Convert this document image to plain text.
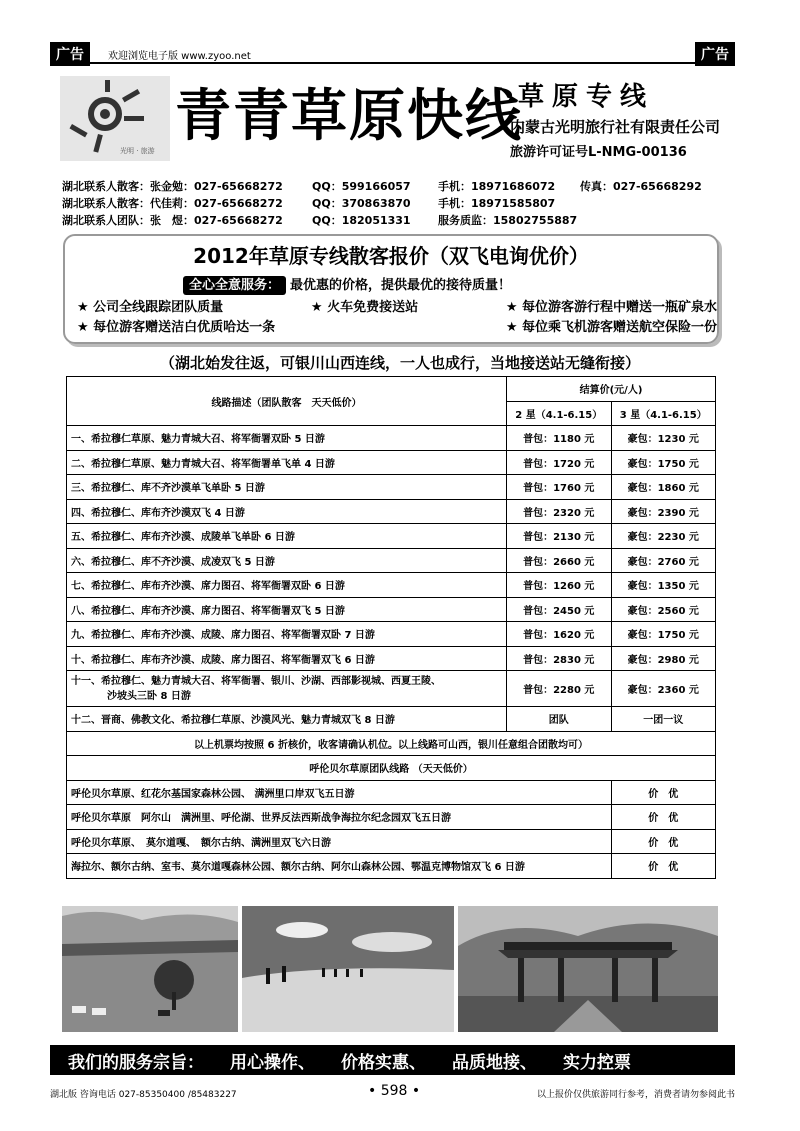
广告	欢迎浏览电子版 www.zyoo.net	广告
光明 · 旅游
青青草原快线
草原专线
内蒙古光明旅行社有限责任公司
旅游许可证号L-NMG-00136
湖北联系人散客：张金勉：027-65668272	QQ：599166057 手机：18971686072 传真：027-65668292
湖北联系人散客：代佳莉：027-65668272	QQ：370863870 手机：18971585807
湖北联系人团队：张　煜：027-65668272	QQ：182051331 服务质监：15802755887
2012年草原专线散客报价（双飞电询优价）
全心全意服务： 最优惠的价格，提供最优的接待质量！
★ 公司全线跟踪团队质量	★ 火车免费接送站	★ 每位游客游行程中赠送一瓶矿泉水
★ 每位游客赠送洁白优质哈达一条	★ 每位乘飞机游客赠送航空保险一份
（湖北始发往返，可银川山西连线，一人也成行，当地接送站无缝衔接）
线路描述（团队散客　天天低价）	结算价(元/人)	
	2 星（4.1-6.15）	3 星（4.1-6.15）
一、希拉穆仁草原、魅力青城大召、将军衙署双卧 5 日游	普包：1180 元	豪包：1230 元
二、希拉穆仁草原、魅力青城大召、将军衙署单飞单 4 日游	普包：1720 元	豪包：1750 元
三、希拉穆仁、库不齐沙漠单飞单卧 5 日游	普包：1760 元	豪包：1860 元
四、希拉穆仁、库布齐沙漠双飞 4 日游	普包：2320 元	豪包：2390 元
五、希拉穆仁、库布齐沙漠、成陵单飞单卧 6 日游	普包：2130 元	豪包：2230 元
六、希拉穆仁、库不齐沙漠、成凌双飞 5 日游	普包：2660 元	豪包：2760 元
七、希拉穆仁、库布齐沙漠、席力图召、将军衙署双卧 6 日游	普包：1260 元	豪包：1350 元
八、希拉穆仁、库布齐沙漠、席力图召、将军衙署双飞 5 日游	普包：2450 元	豪包：2560 元
九、希拉穆仁、库布齐沙漠、成陵、席力图召、将军衙署双卧 7 日游	普包：1620 元	豪包：1750 元
十、希拉穆仁、库布齐沙漠、成陵、席力图召、将军衙署双飞 6 日游	普包：2830 元	豪包：2980 元

十一、希拉穆仁、魅力青城大召、将军衙署、银川、沙湖、西部影视城、西夏王陵、
沙坡头三卧 8 日游	普包：2280 元	豪包：2360 元
十二、晋商、佛教文化、希拉穆仁草原、沙漠风光、魅力青城双飞 8 日游	团队	一团一议
以上机票均按照 6 折核价，收客请确认机位。以上线路可山西，银川任意组合团散均可）		
呼伦贝尔草原团队线路 （天天低价）		
呼伦贝尔草原、红花尔基国家森林公园、 满洲里口岸双飞五日游		价　优
呼伦贝尔草原　阿尔山　满洲里、呼伦湖、世界反法西斯战争海拉尔纪念园双飞五日游		价　优
呼伦贝尔草原、　莫尔道嘎、　额尔古纳、满洲里双飞六日游		价　优
海拉尔、额尔古纳、室韦、莫尔道嘎森林公园、额尔古纳、阿尔山森林公园、鄂温克博物馆双飞 6 日游		价　优
我们的服务宗旨： 用心操作、 价格实惠、 品质地接、 实力控票
湖北版 咨询电话 027-85350400 /85483227	• 598 •	以上报价仅供旅游同行参考，消费者请勿参阅此书
